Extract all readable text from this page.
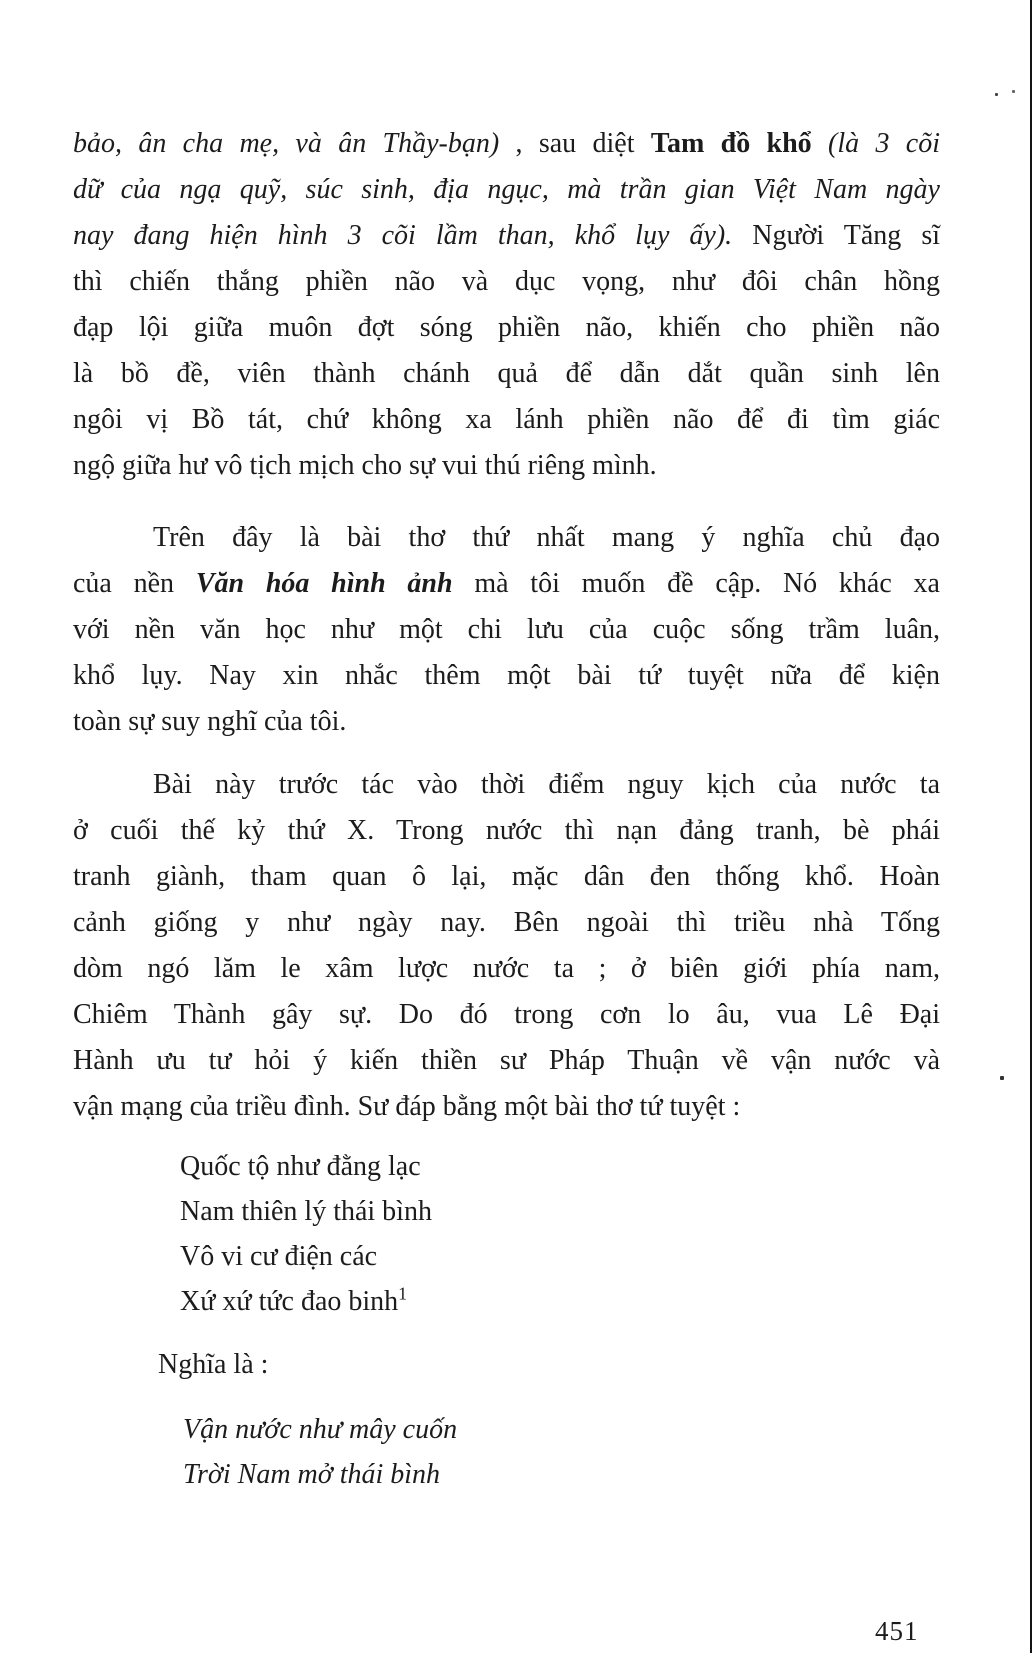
bảo, ân cha mẹ, và ân Thầy-bạn) , sau diệt Tam đồ khổ (là 3 cõi
dữ của ngạ quỹ, súc sinh, địa ngục, mà trần gian Việt Nam ngày
nay đang hiện hình 3 cõi lầm than, khổ lụy ấy). Người Tăng sĩ
thì chiến thắng phiền não và dục vọng, như đôi chân hồng
đạp lội giữa muôn đợt sóng phiền não, khiến cho phiền não
là bồ đề, viên thành chánh quả để dẫn dắt quần sinh lên
ngôi vị Bồ tát, chứ không xa lánh phiền não để đi tìm giác
ngộ giữa hư vô tịch mịch cho sự vui thú riêng mình.
Trên đây là bài thơ thứ nhất mang ý nghĩa chủ đạo
của nền Văn hóa hình ảnh mà tôi muốn đề cập. Nó khác xa
với nền văn học như một chi lưu của cuộc sống trầm luân,
khổ lụy. Nay xin nhắc thêm một bài tứ tuyệt nữa để kiện
toàn sự suy nghĩ của tôi.
Bài này trước tác vào thời điểm nguy kịch của nước ta
ở cuối thế kỷ thứ X. Trong nước thì nạn đảng tranh, bè phái
tranh giành, tham quan ô lại, mặc dân đen thống khổ. Hoàn
cảnh giống y như ngày nay. Bên ngoài thì triều nhà Tống
dòm ngó lăm le xâm lược nước ta ; ở biên giới phía nam,
Chiêm Thành gây sự. Do đó trong cơn lo âu, vua Lê Đại
Hành ưu tư hỏi ý kiến thiền sư Pháp Thuận về vận nước và
vận mạng của triều đình. Sư đáp bằng một bài thơ tứ tuyệt :
Quốc tộ như đằng lạc
Nam thiên lý thái bình
Vô vi cư điện các
Xứ xứ tức đao binh$^1$
Nghĩa là :
Vận nước như mây cuốn
Trời Nam mở thái bình
451
